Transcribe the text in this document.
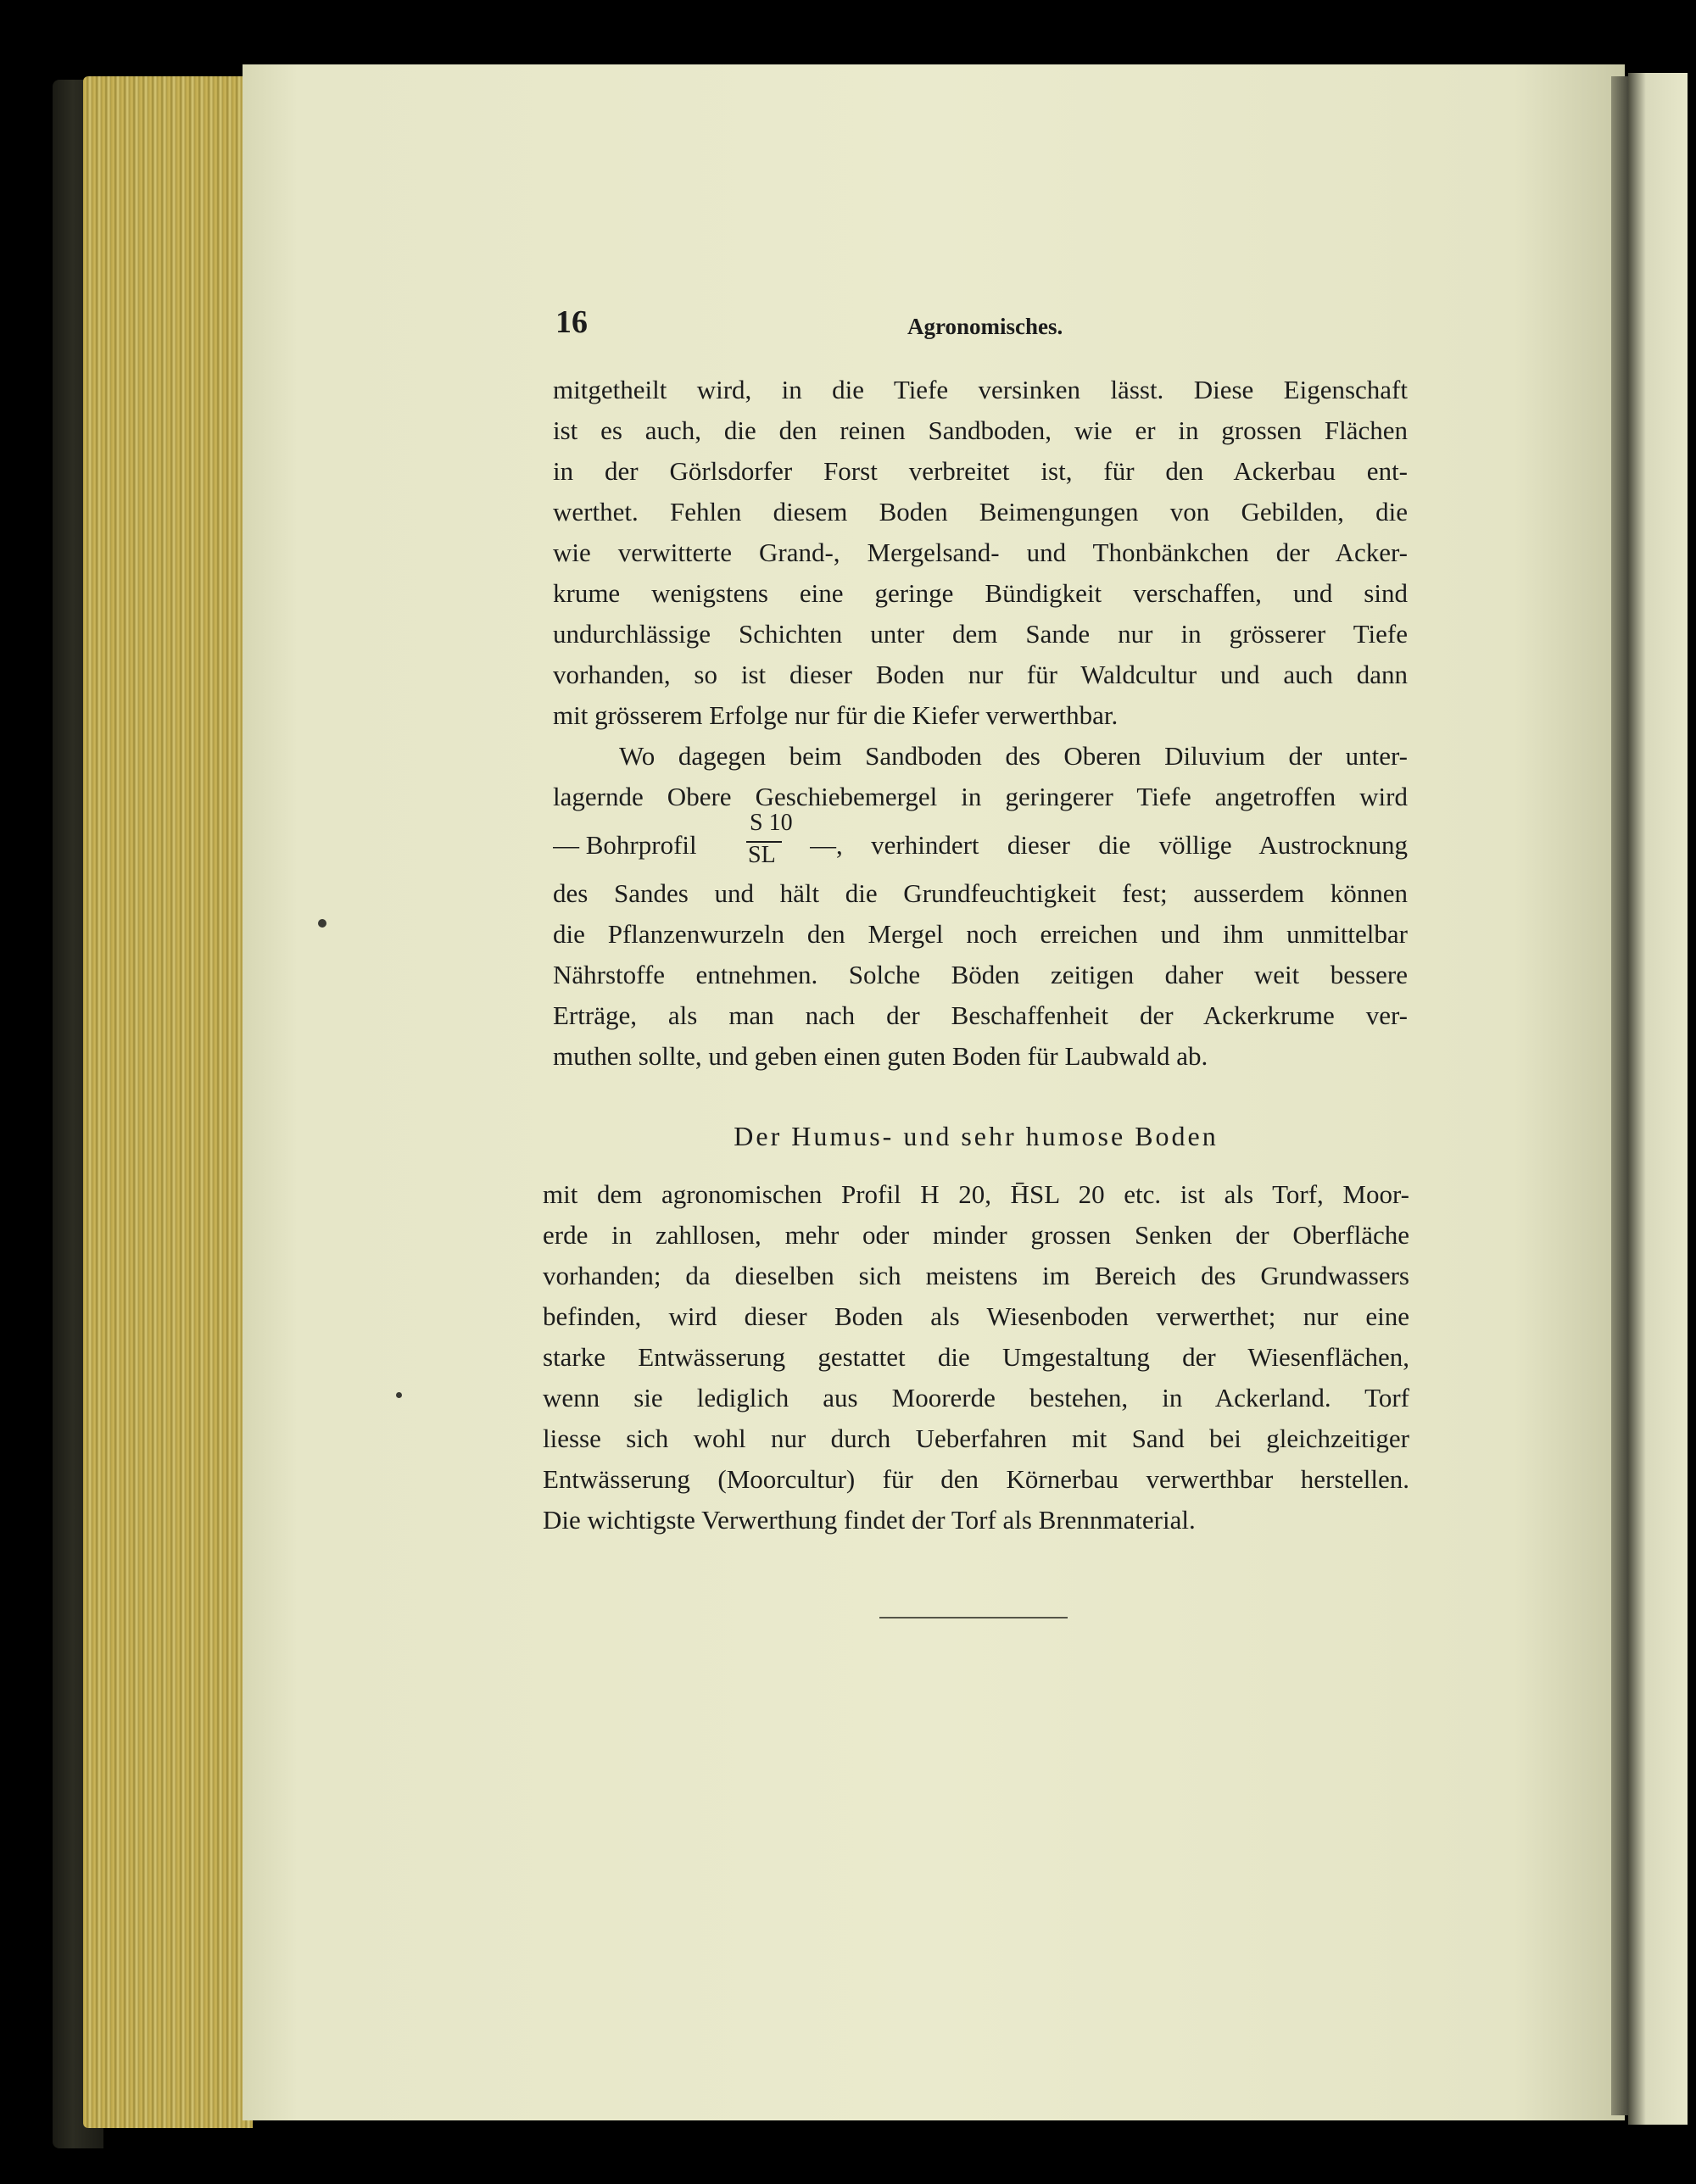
16	Agronomisches.
mitgetheilt wird, in die Tiefe versinken lässt. Diese Eigenschaft
ist es auch, die den reinen Sandboden, wie er in grossen Flächen
in der Görlsdorfer Forst verbreitet ist, für den Ackerbau ent-
werthet. Fehlen diesem Boden Beimengungen von Gebilden, die
wie verwitterte Grand-, Mergelsand- und Thonbänkchen der Acker-
krume wenigstens eine geringe Bündigkeit verschaffen, und sind
undurchlässige Schichten unter dem Sande nur in grösserer Tiefe
vorhanden, so ist dieser Boden nur für Waldcultur und auch dann
mit grösserem Erfolge nur für die Kiefer verwerthbar.
Wo dagegen beim Sandboden des Oberen Diluvium der unter-
lagernde Obere Geschiebemergel in geringerer Tiefe angetroffen wird
— Bohrprofil
S 10
SL —, verhindert dieser die völlige Austrocknung
des Sandes und hält die Grundfeuchtigkeit fest; ausserdem können
die Pflanzenwurzeln den Mergel noch erreichen und ihm unmittelbar
Nährstoffe entnehmen. Solche Böden zeitigen daher weit bessere
Erträge, als man nach der Beschaffenheit der Ackerkrume ver-
muthen sollte, und geben einen guten Boden für Laubwald ab.
Der Humus- und sehr humose Boden
mit dem agronomischen Profil H 20, H̄SL 20 etc. ist als Torf, Moor-
erde in zahllosen, mehr oder minder grossen Senken der Oberfläche
vorhanden; da dieselben sich meistens im Bereich des Grundwassers
befinden, wird dieser Boden als Wiesenboden verwerthet; nur eine
starke Entwässerung gestattet die Umgestaltung der Wiesenflächen,
wenn sie lediglich aus Moorerde bestehen, in Ackerland. Torf
liesse sich wohl nur durch Ueberfahren mit Sand bei gleichzeitiger
Entwässerung (Moorcultur) für den Körnerbau verwerthbar herstellen.
Die wichtigste Verwerthung findet der Torf als Brennmaterial.
